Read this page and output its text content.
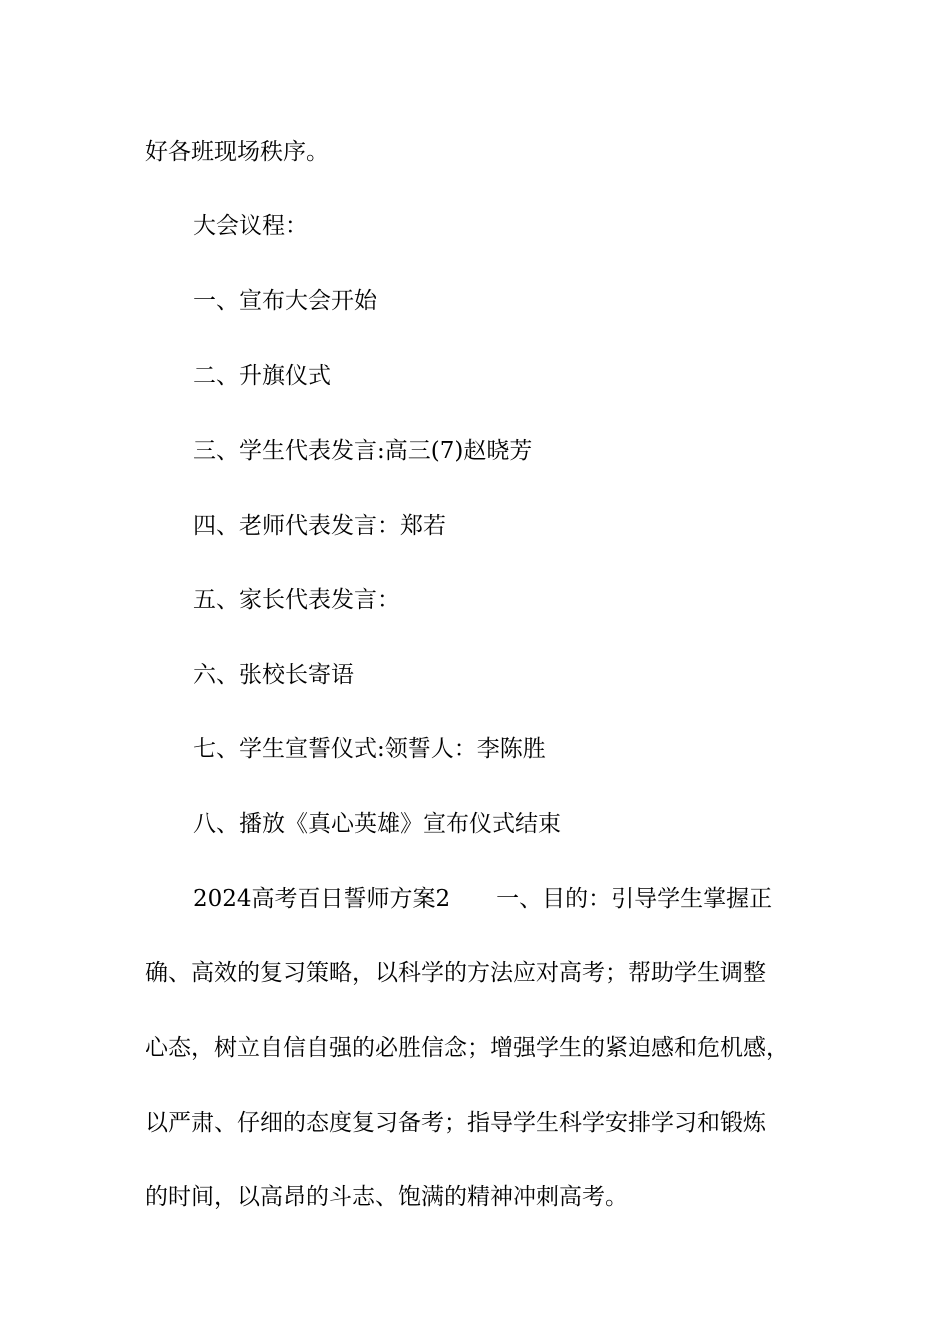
好各班现场秩序。
大会议程：
一、宣布大会开始
二、升旗仪式
三、学生代表发言:高三(7)赵晓芳
四、老师代表发言：郑若
五、家长代表发言：
六、张校长寄语
七、学生宣誓仪式:领誓人：李陈胜
八、播放《真心英雄》宣布仪式结束
2024高考百日誓师方案2　　一、目的：引导学生掌握正
确、高效的复习策略，以科学的方法应对高考；帮助学生调整
心态，树立自信自强的必胜信念；增强学生的紧迫感和危机感，
以严肃、仔细的态度复习备考；指导学生科学安排学习和锻炼
的时间，以高昂的斗志、饱满的精神冲刺高考。
